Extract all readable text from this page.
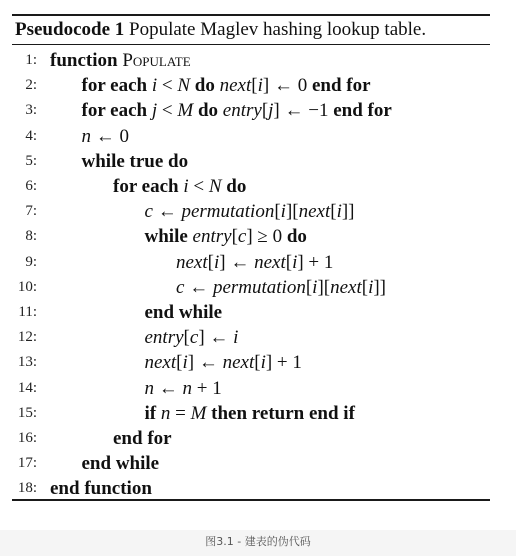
Pseudocode 1 Populate Maglev hashing lookup table.
1: function Populate
2: for each i < N do next[i] ← 0 end for
3: for each j < M do entry[j] ← −1 end for
4: n ← 0
5: while true do
6:	for each i < N do
7:	c ← permutation[i][next[i]]
8:	while entry[c] ≥ 0 do
9:	next[i] ← next[i] + 1
10:	c ← permutation[i][next[i]]
11:	end while
12:	entry[c] ← i
13:	next[i] ← next[i] + 1
14:	n ← n + 1
15:	if n = M then return end if
16:	end for
17: end while
18: end function
图3.1 - 建表的伪代码
